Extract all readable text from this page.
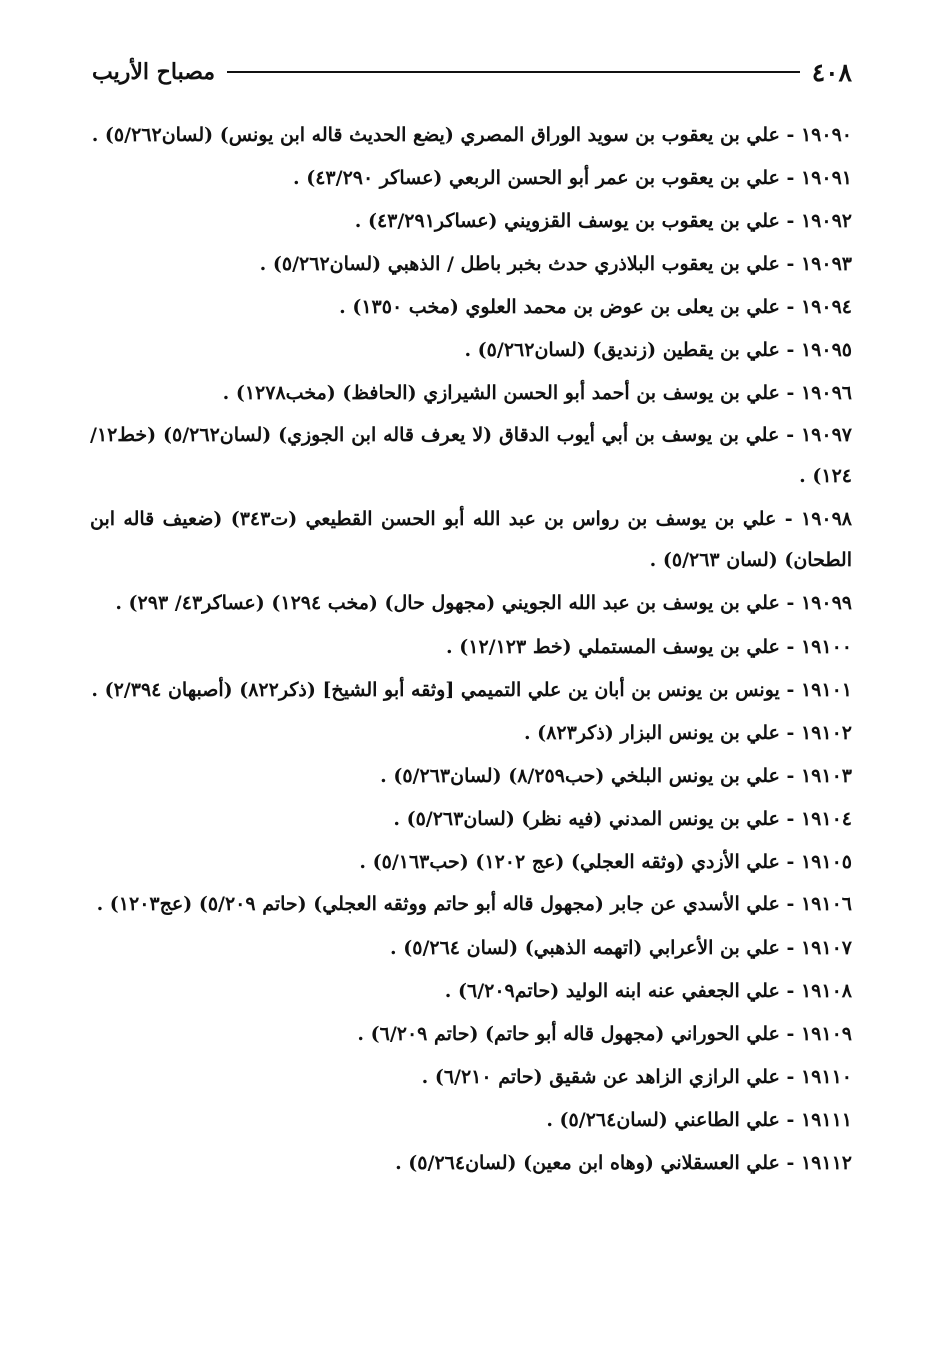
٤٠٨
مصباح الأريب
١٩٠٩٠ - علي بن يعقوب بن سويد الوراق المصري (يضع الحديث قاله ابن يونس) (لسان٥/٢٦٢) .
١٩٠٩١ - علي بن يعقوب بن عمر أبو الحسن الربعي (عساكر ٤٣/٢٩٠) .
١٩٠٩٢ - علي بن يعقوب بن يوسف القزويني (عساكر٤٣/٢٩١) .
١٩٠٩٣ - علي بن يعقوب البلاذري حدث بخبر باطل / الذهبي (لسان٥/٢٦٢) .
١٩٠٩٤ - علي بن يعلى بن عوض بن محمد العلوي (مخب ١٣٥٠) .
١٩٠٩٥ - علي بن يقطين (زنديق) (لسان٥/٢٦٢) .
١٩٠٩٦ - علي بن يوسف بن أحمد أبو الحسن الشيرازي (الحافظ) (مخب١٢٧٨) .
١٩٠٩٧ - علي بن يوسف بن أبي أيوب الدقاق (لا يعرف قاله ابن الجوزي) (لسان٥/٢٦٢) (خط١٢/ ١٢٤) .
١٩٠٩٨ - علي بن يوسف بن رواس بن عبد الله أبو الحسن القطيعي (ت٣٤٣) (ضعيف قاله ابن الطحان) (لسان ٥/٢٦٣) .
١٩٠٩٩ - علي بن يوسف بن عبد الله الجويني (مجهول حال) (مخب ١٢٩٤) (عساكر٤٣/ ٢٩٣) .
١٩١٠٠ - علي بن يوسف المستملي (خط ١٢/١٢٣) .
١٩١٠١ - يونس بن يونس بن أبان ين علي التميمي [وثقه أبو الشيخ] (ذكر٨٢٢) (أصبهان ٢/٣٩٤) .
١٩١٠٢ - علي بن يونس البزار (ذكر٨٢٣) .
١٩١٠٣ - علي بن يونس البلخي (حب٨/٢٥٩) (لسان٥/٢٦٣) .
١٩١٠٤ - علي بن يونس المدني (فيه نظر) (لسان٥/٢٦٣) .
١٩١٠٥ - علي الأزدي (وثقه العجلي) (عج ١٢٠٢) (حب٥/١٦٣) .
١٩١٠٦ - علي الأسدي عن جابر (مجهول قاله أبو حاتم ووثقه العجلي) (حاتم ٥/٢٠٩) (عج١٢٠٣) .
١٩١٠٧ - علي بن الأعرابي (اتهمه الذهبي) (لسان ٥/٢٦٤) .
١٩١٠٨ - علي الجعفي عنه ابنه الوليد (حاتم٦/٢٠٩) .
١٩١٠٩ - علي الحوراني (مجهول قاله أبو حاتم) (حاتم ٦/٢٠٩) .
١٩١١٠ - علي الرازي الزاهد عن شقيق (حاتم ٦/٢١٠) .
١٩١١١ - علي الطاعني (لسان٥/٢٦٤) .
١٩١١٢ - علي العسقلاني (وهاه ابن معين) (لسان٥/٢٦٤) .
